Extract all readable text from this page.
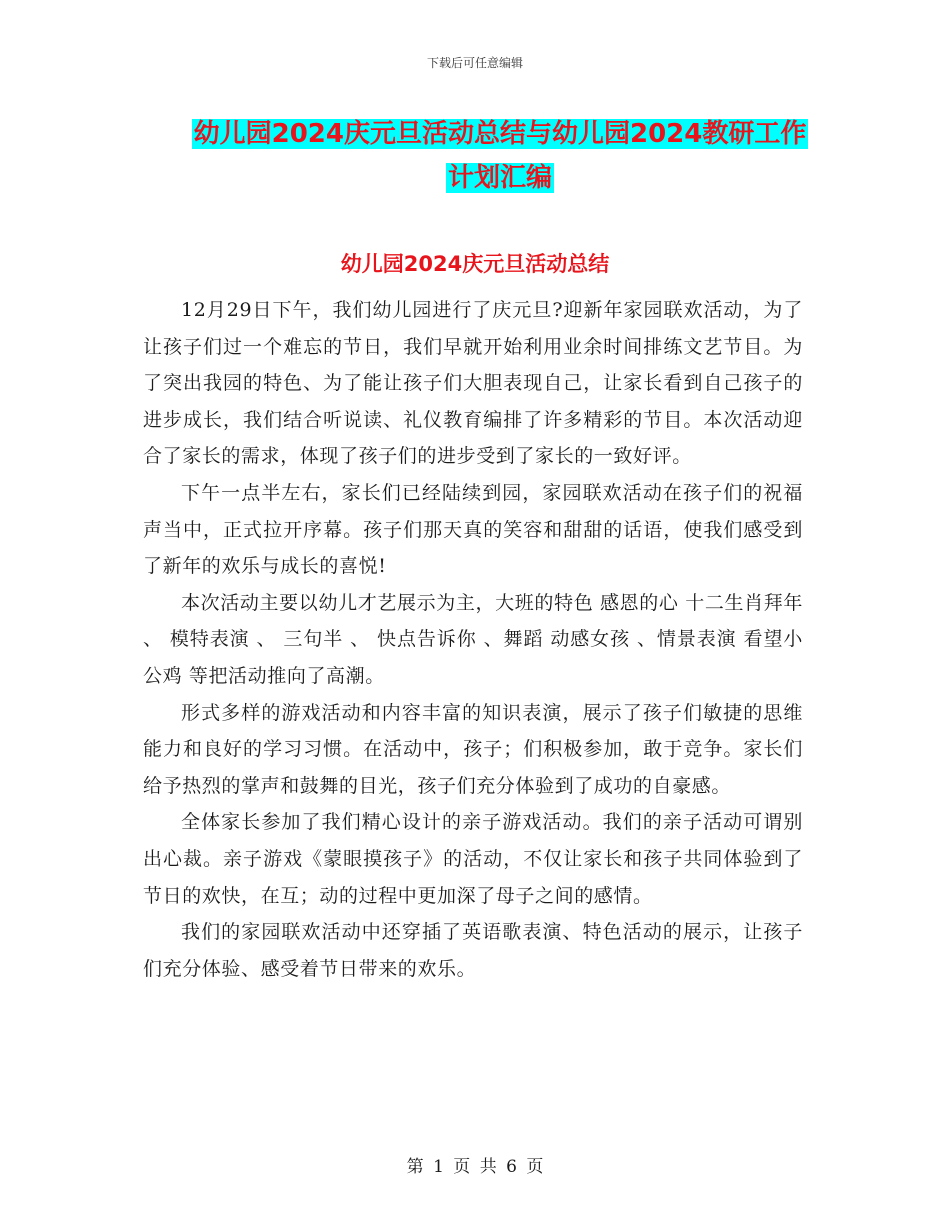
下载后可任意编辑
幼儿园2024庆元旦活动总结与幼儿园2024教研工作
计划汇编
幼儿园2024庆元旦活动总结

12月29日下午，我们幼儿园进行了庆元旦?迎新年家园联欢活动，为了让孩子们过一个难忘的节日，我们早就开始利用业余时间排练文艺节目。为了突出我园的特色、为了能让孩子们大胆表现自己，让家长看到自己孩子的进步成长，我们结合听说读、礼仪教育编排了许多精彩的节目。本次活动迎合了家长的需求，体现了孩子们的进步受到了家长的一致好评。

下午一点半左右，家长们已经陆续到园，家园联欢活动在孩子们的祝福声当中，正式拉开序幕。孩子们那天真的笑容和甜甜的话语，使我们感受到了新年的欢乐与成长的喜悦!

本次活动主要以幼儿才艺展示为主，大班的特色 感恩的心 十二生肖拜年 、 模特表演 、 三句半 、 快点告诉你 、舞蹈 动感女孩 、情景表演 看望小公鸡 等把活动推向了高潮。

形式多样的游戏活动和内容丰富的知识表演，展示了孩子们敏捷的思维能力和良好的学习习惯。在活动中，孩子；们积极参加，敢于竞争。家长们给予热烈的掌声和鼓舞的目光，孩子们充分体验到了成功的自豪感。

全体家长参加了我们精心设计的亲子游戏活动。我们的亲子活动可谓别出心裁。亲子游戏《蒙眼摸孩子》的活动，不仅让家长和孩子共同体验到了节日的欢快，在互；动的过程中更加深了母子之间的感情。

我们的家园联欢活动中还穿插了英语歌表演、特色活动的展示，让孩子们充分体验、感受着节日带来的欢乐。

第 1 页 共 6 页
